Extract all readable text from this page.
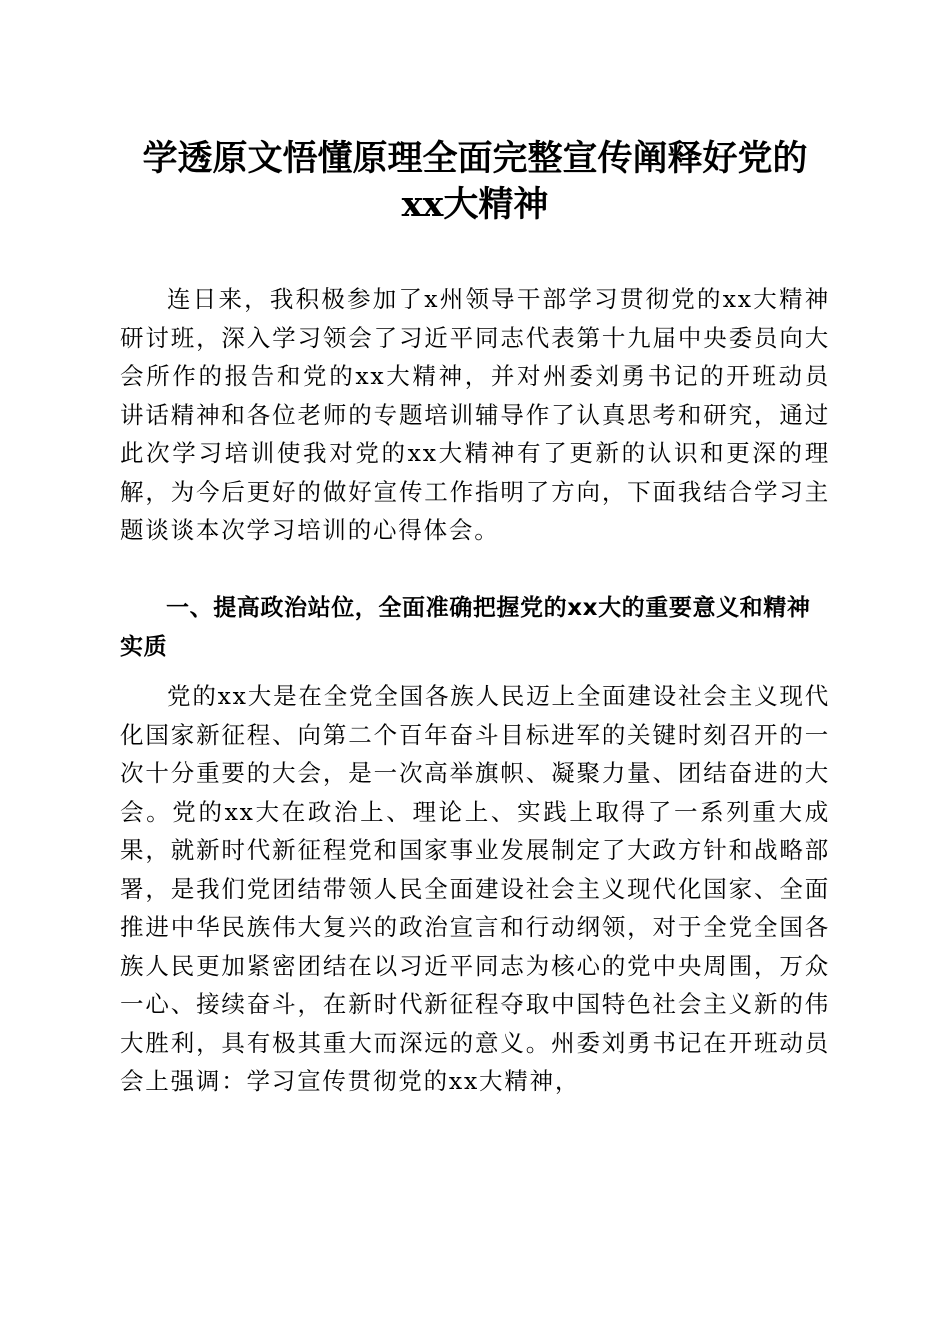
学透原文悟懂原理全面完整宣传阐释好党的
xx大精神

连日来，我积极参加了x州领导干部学习贯彻党的xx大精神研讨班，深入学习领会了习近平同志代表第十九届中央委员向大会所作的报告和党的xx大精神，并对州委刘勇书记的开班动员讲话精神和各位老师的专题培训辅导作了认真思考和研究，通过此次学习培训使我对党的xx大精神有了更新的认识和更深的理解，为今后更好的做好宣传工作指明了方向，下面我结合学习主题谈谈本次学习培训的心得体会。

一、提高政治站位，全面准确把握党的xx大的重要意义和精神实质

党的xx大是在全党全国各族人民迈上全面建设社会主义现代化国家新征程、向第二个百年奋斗目标进军的关键时刻召开的一次十分重要的大会，是一次高举旗帜、凝聚力量、团结奋进的大会。党的xx大在政治上、理论上、实践上取得了一系列重大成果，就新时代新征程党和国家事业发展制定了大政方针和战略部署，是我们党团结带领人民全面建设社会主义现代化国家、全面推进中华民族伟大复兴的政治宣言和行动纲领，对于全党全国各族人民更加紧密团结在以习近平同志为核心的党中央周围，万众一心、接续奋斗，在新时代新征程夺取中国特色社会主义新的伟大胜利，具有极其重大而深远的意义。州委刘勇书记在开班动员会上强调：学习宣传贯彻党的xx大精神，
